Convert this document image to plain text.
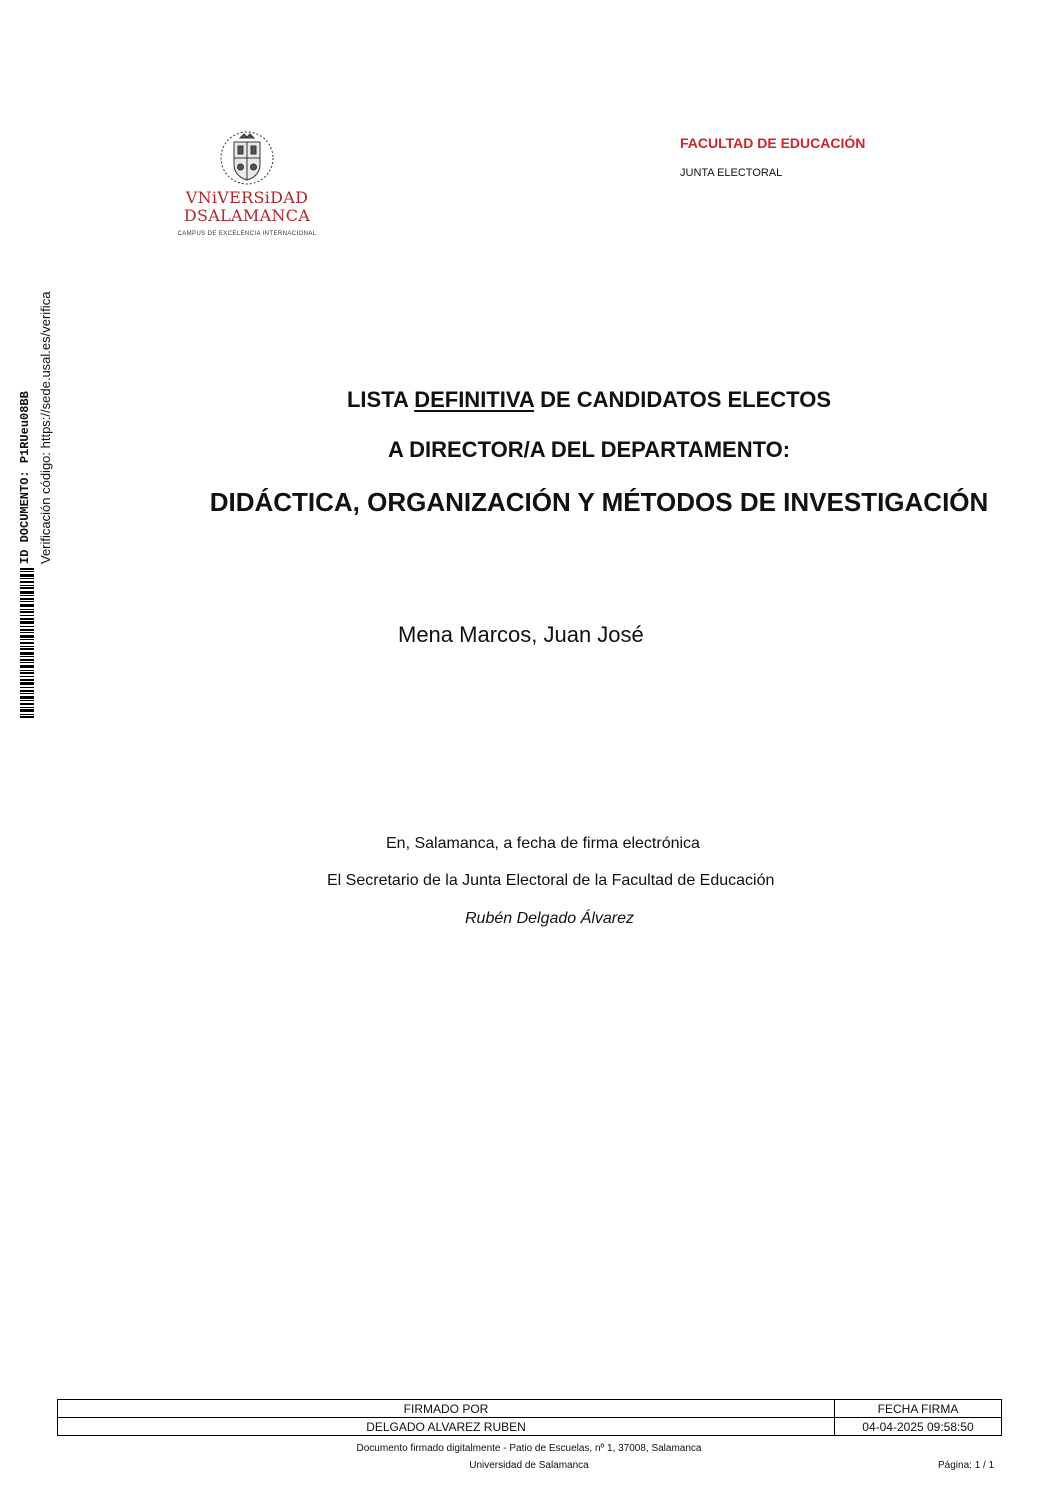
VNiVERSiDAD
DSALAMANCA
CAMPUS DE EXCELENCIA INTERNACIONAL
FACULTAD DE EDUCACIÓN
JUNTA ELECTORAL
ID DOCUMENTO: P1RUeu08BB Verificación código: https://sede.usal.es/verifica	LISTA DEFINITIVA DE CANDIDATOS ELECTOS
A DIRECTOR/A DEL DEPARTAMENTO:
DIDÁCTICA, ORGANIZACIÓN Y MÉTODOS DE INVESTIGACIÓN
Mena Marcos, Juan José
En, Salamanca, a fecha de firma electrónica
El Secretario de la Junta Electoral de la Facultad de Educación
Rubén Delgado Álvarez
FIRMADO POR	FECHA FIRMA
DELGADO ALVAREZ RUBEN	04-04-2025 09:58:50
Documento firmado digitalmente - Patio de Escuelas, nº 1, 37008, Salamanca
Universidad de Salamanca	Página: 1 / 1
